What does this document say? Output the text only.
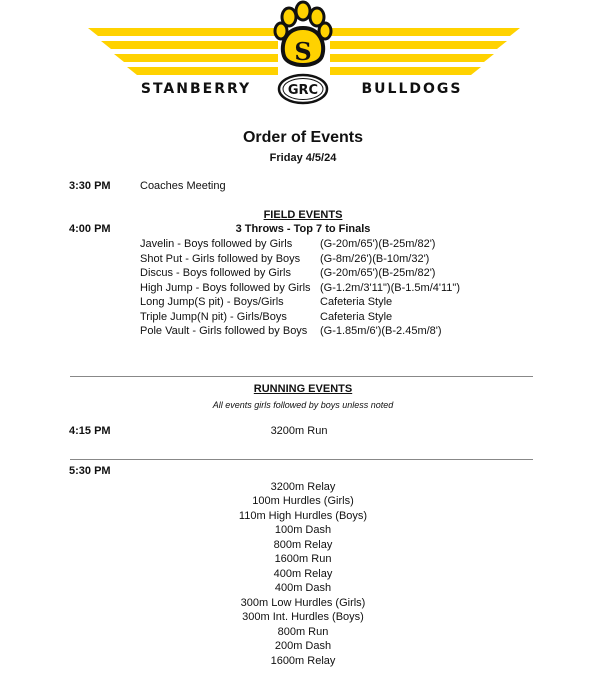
S
GRC
STANBERRY	BULLDOGS
Order of Events
Friday 4/5/24
3:30 PM	Coaches Meeting
FIELD EVENTS
4:00 PM	3 Throws - Top 7 to Finals
Javelin - Boys followed by Girls	(G-20m/65')(B-25m/82')
Shot Put - Girls followed by Boys (G-8m/26')(B-10m/32')
Discus - Boys followed by Girls	(G-20m/65')(B-25m/82')
High Jump - Boys followed by Girls (G-1.2m/3'11")(B-1.5m/4'11")
Long Jump(S pit) - Boys/Girls	Cafeteria Style
Triple Jump(N pit) - Girls/Boys	Cafeteria Style
Pole Vault - Girls followed by Boys (G-1.85m/6')(B-2.45m/8')
RUNNING EVENTS
All events girls followed by boys unless noted
4:15 PM	3200m Run
5:30 PM
3200m Relay
100m Hurdles (Girls)
110m High Hurdles (Boys)
100m Dash
800m Relay
1600m Run
400m Relay
400m Dash
300m Low Hurdles (Girls)
300m Int. Hurdles (Boys)
800m Run
200m Dash
1600m Relay
